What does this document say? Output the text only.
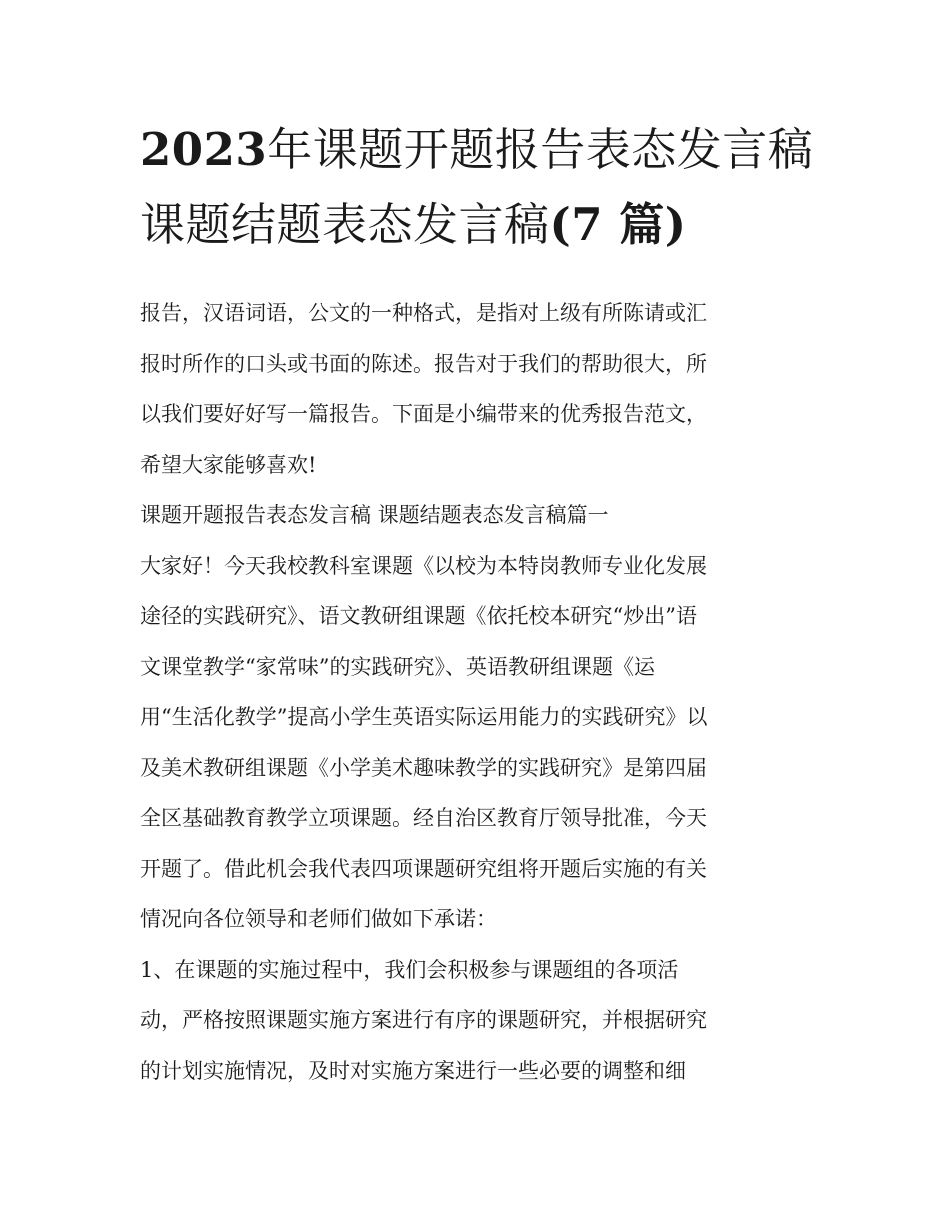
2023年课题开题报告表态发言稿 课题结题表态发言稿(7 篇)

报告，汉语词语，公文的一种格式，是指对上级有所陈请或汇

报时所作的口头或书面的陈述。报告对于我们的帮助很大，所

以我们要好好写一篇报告。下面是小编带来的优秀报告范文，

希望大家能够喜欢!

课题开题报告表态发言稿 课题结题表态发言稿篇一

大家好！今天我校教科室课题《以校为本特岗教师专业化发展

途径的实践研究》、语文教研组课题《依托校本研究“炒出”语

文课堂教学“家常味”的实践研究》、英语教研组课题《运

用“生活化教学”提高小学生英语实际运用能力的实践研究》以

及美术教研组课题《小学美术趣味教学的实践研究》是第四届

全区基础教育教学立项课题。经自治区教育厅领导批准，今天

开题了。借此机会我代表四项课题研究组将开题后实施的有关

情况向各位领导和老师们做如下承诺：

1、在课题的实施过程中，我们会积极参与课题组的各项活

动，严格按照课题实施方案进行有序的课题研究，并根据研究

的计划实施情况，及时对实施方案进行一些必要的调整和细
